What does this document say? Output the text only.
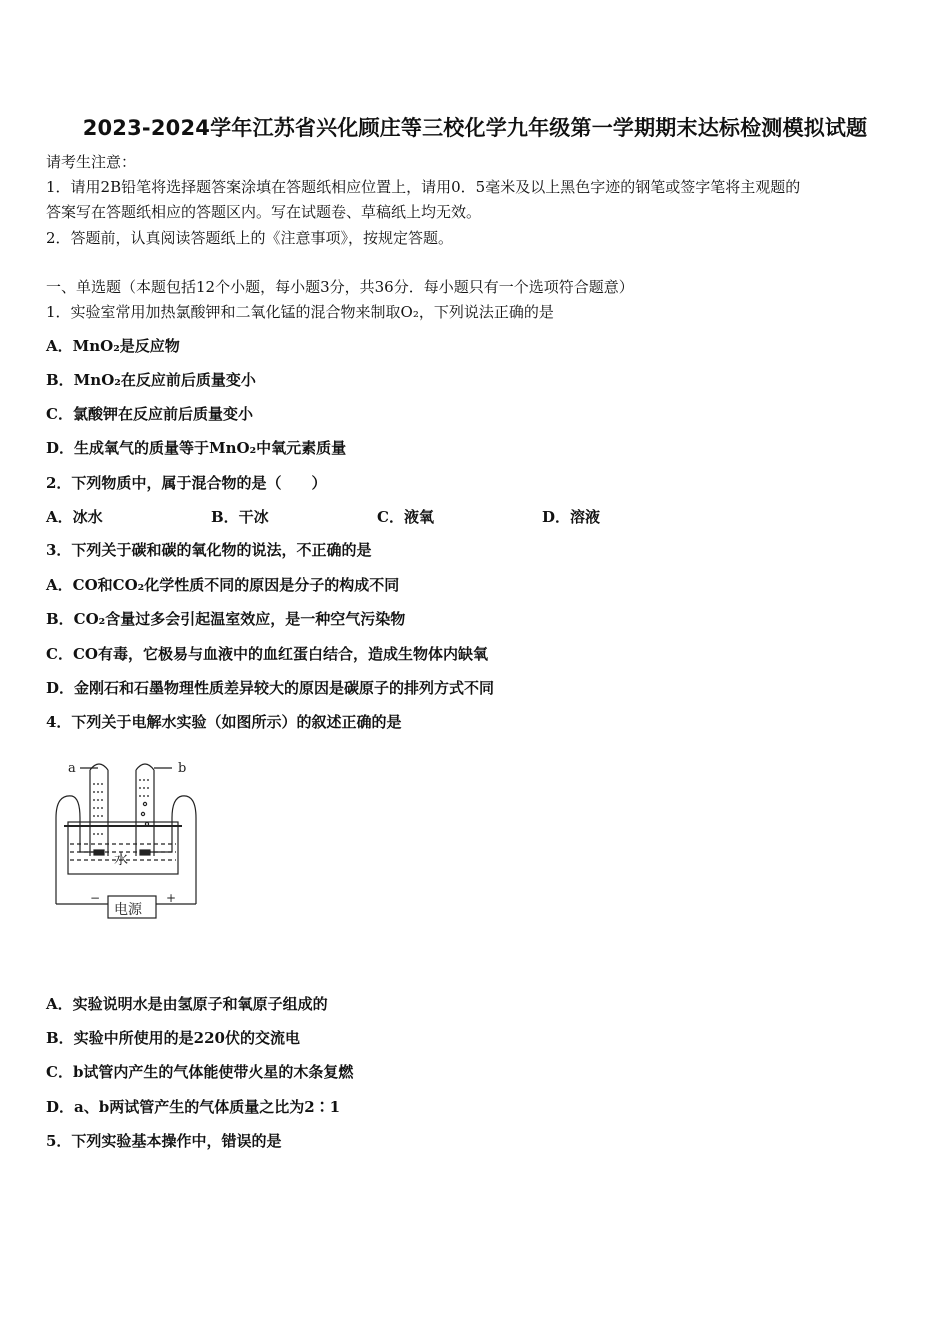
2023-2024学年江苏省兴化顾庄等三校化学九年级第一学期期末达标检测模拟试题
请考生注意：
1．请用2B铅笔将选择题答案涂填在答题纸相应位置上，请用0．5毫米及以上黑色字迹的钢笔或签字笔将主观题的
答案写在答题纸相应的答题区内。写在试题卷、草稿纸上均无效。
2．答题前，认真阅读答题纸上的《注意事项》，按规定答题。
一、单选题（本题包括12个小题，每小题3分，共36分．每小题只有一个选项符合题意）
1．实验室常用加热氯酸钾和二氧化锰的混合物来制取O₂，下列说法正确的是
A．MnO₂是反应物
B．MnO₂在反应前后质量变小
C．氯酸钾在反应前后质量变小
D．生成氧气的质量等于MnO₂中氧元素质量
2．下列物质中，属于混合物的是（　　）
A．冰水	B．干冰	C．液氧	D．溶液
3．下列关于碳和碳的氧化物的说法，不正确的是
A．CO和CO₂化学性质不同的原因是分子的构成不同
B．CO₂含量过多会引起温室效应，是一种空气污染物
C．CO有毒，它极易与血液中的血红蛋白结合，造成生物体内缺氧
D．金刚石和石墨物理性质差异较大的原因是碳原子的排列方式不同
4．下列关于电解水实验（如图所示）的叙述正确的是
a	b
水
电源
−	+
A．实验说明水是由氢原子和氧原子组成的
B．实验中所使用的是220伏的交流电
C．b试管内产生的气体能使带火星的木条复燃
D．a、b两试管产生的气体质量之比为2∶1
5．下列实验基本操作中，错误的是
